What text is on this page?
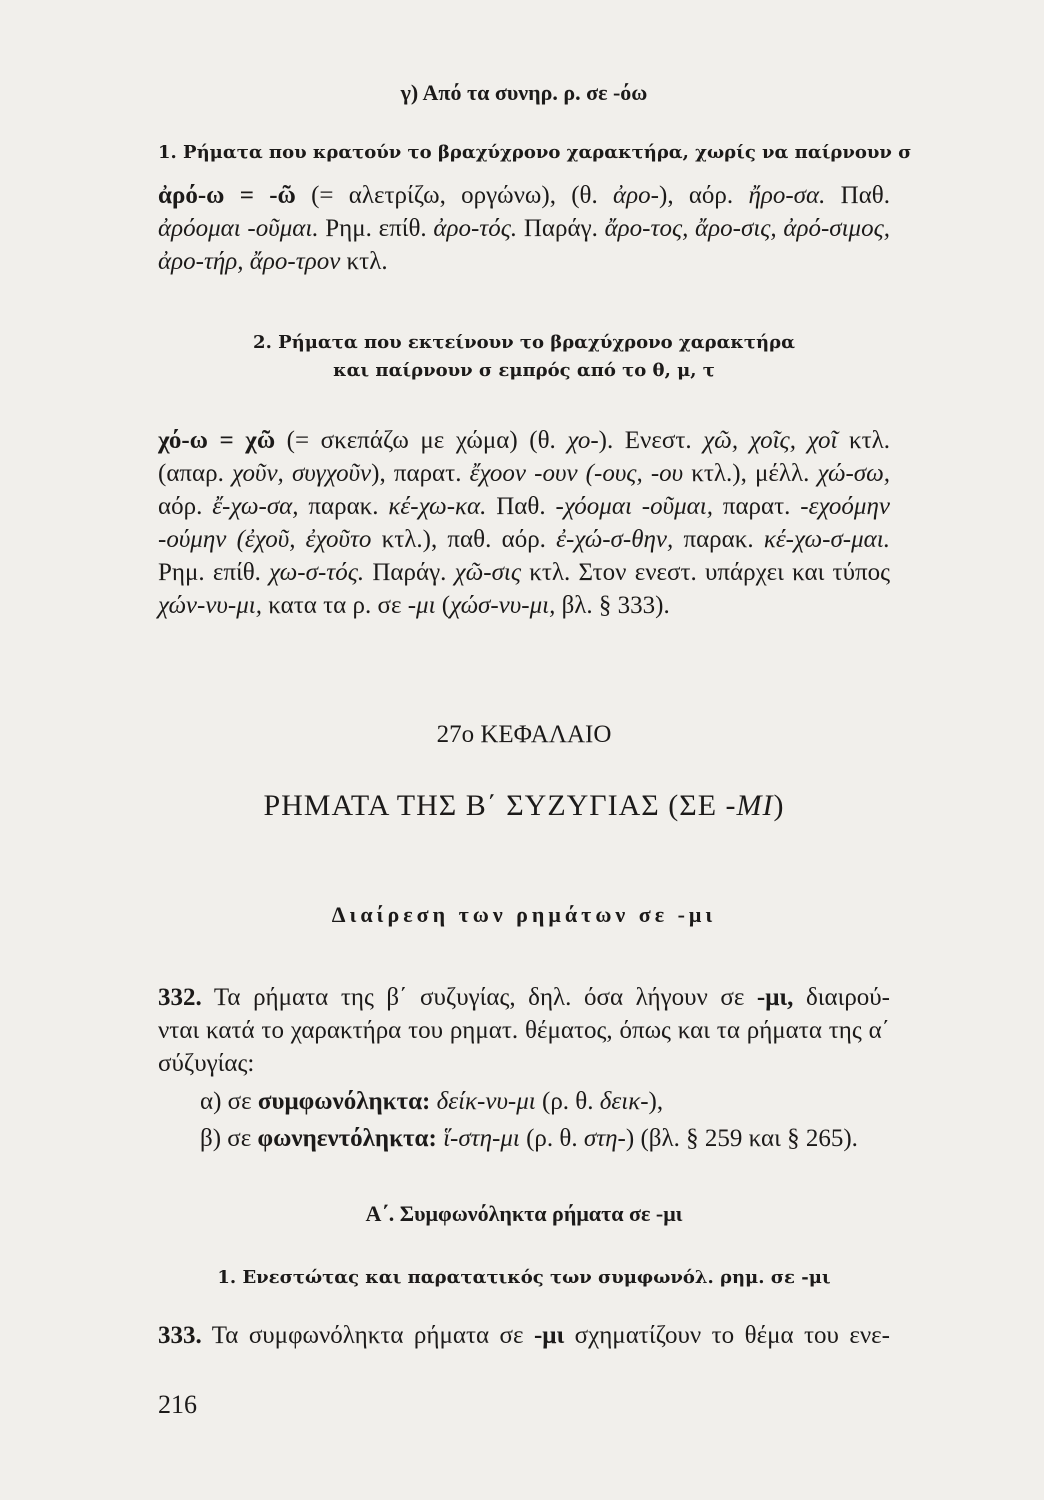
γ) Από τα συνηρ. ρ. σε -όω
1. Ρήματα που κρατούν το βραχύχρονο χαρακτήρα, χωρίς να παίρνουν σ
ἀρό-ω = -ῶ (= αλετρίζω, οργώνω), (θ. ἀρο-), αόρ. ἤρο-σα. Παθ.
ἀρόομαι -οῦμαι. Ρημ. επίθ. ἀρο-τός. Παράγ. ἄρο-τος, ἄρο-σις, ἀρό-σιμος,
ἀρο-τήρ, ἄρο-τρον κτλ.
2. Ρήματα που εκτείνουν το βραχύχρονο χαρακτήρα
και παίρνουν σ εμπρός από το θ, μ, τ
χό-ω = χῶ (= σκεπάζω με χώμα) (θ. χο-). Ενεστ. χῶ, χοῖς, χοῖ κτλ.
(απαρ. χοῦν, συγχοῦν), παρατ. ἔχοον -ουν (-ους, -ου κτλ.), μέλλ. χώ-σω,
αόρ. ἔ-χω-σα, παρακ. κέ-χω-κα. Παθ. -χόομαι -οῦμαι, παρατ. -εχοόμην
-ούμην (ἐχοῦ, ἐχοῦτο κτλ.), παθ. αόρ. ἐ-χώ-σ-θην, παρακ. κέ-χω-σ-μαι.
Ρημ. επίθ. χω-σ-τός. Παράγ. χῶ-σις κτλ. Στον ενεστ. υπάρχει και τύπος
χών-νυ-μι, κατα τα ρ. σε -μι (χώσ-νυ-μι, βλ. § 333).
27ο ΚΕΦΑΛΑΙΟ
ΡΗΜΑΤΑ ΤΗΣ Β΄ ΣΥΖΥΓΙΑΣ (ΣΕ -ΜΙ)
Διαίρεση των ρημάτων σε -μι
332. Τα ρήματα της β΄ συζυγίας, δηλ. όσα λήγουν σε -μι, διαιρού-
νται κατά το χαρακτήρα του ρηματ. θέματος, όπως και τα ρήματα της α΄
σύζυγίας:
α) σε συμφωνόληκτα: δείκ-νυ-μι (ρ. θ. δεικ-),
β) σε φωνηεντόληκτα: ἵ-στη-μι (ρ. θ. στη-) (βλ. § 259 και § 265).
Α΄. Συμφωνόληκτα ρήματα σε -μι
1. Ενεστώτας και παρατατικός των συμφωνόλ. ρημ. σε -μι
333. Τα συμφωνόληκτα ρήματα σε -μι σχηματίζουν το θέμα του ενε-
216
